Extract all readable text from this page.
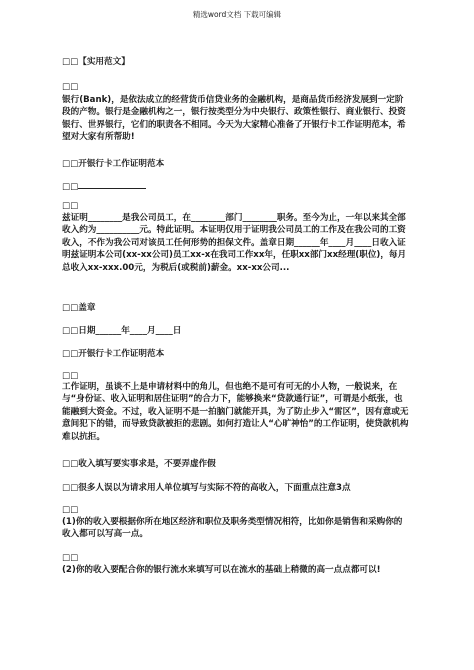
精选word文档 下载可编辑

□□【实用范文】

□□

银行(Bank)，是依法成立的经营货币信贷业务的金融机构，是商品货币经济发展到一定阶段的产物。银行是金融机构之一，银行按类型分为中央银行、政策性银行、商业银行、投资银行、世界银行，它们的职责各不相同。今天为大家精心准备了开银行卡工作证明范本，希望对大家有所帮助!

□□开银行卡工作证明范本

□□

□□

兹证明________是我公司员工，在________部门________职务。至今为止，一年以来其全部收入约为__________元。特此证明。本证明仅用于证明我公司员工的工作及在我公司的工资收入，不作为我公司对该员工任何形势的担保文件。盖章日期______年____月____日收入证明兹证明本公司(xx-xx公司)员工xx-x在我司工作xx年，任职xx部门xx经理(职位)，每月总收入xx-xxx.00元，为税后(或税前)薪金。xx-xx公司...

□□盖章

□□日期______年____月____日

□□开银行卡工作证明范本

□□

工作证明，虽谈不上是申请材料中的角儿，但也绝不是可有可无的小人物，一般说来，在与“身份证、收入证明和居住证明”的合力下，能够换来“贷款通行证”，可谓是小纸张，也能融到大资金。不过，收入证明不是一拍脑门就能开具，为了防止步入“雷区”，因有意或无意间犯下的错，而导致贷款被拒的悲剧。如何打造让人“心旷神怡”的工作证明，使贷款机构难以抗拒。

□□收入填写要实事求是，不要弄虚作假

□□很多人误以为请求用人单位填写与实际不符的高收入，下面重点注意3点

□□

(1)你的收入要根据你所在地区经济和职位及职务类型情况相符，比如你是销售和采购你的收入都可以写高一点。

□□

(2)你的收入要配合你的银行流水来填写可以在流水的基础上稍微的高一点点都可以!
